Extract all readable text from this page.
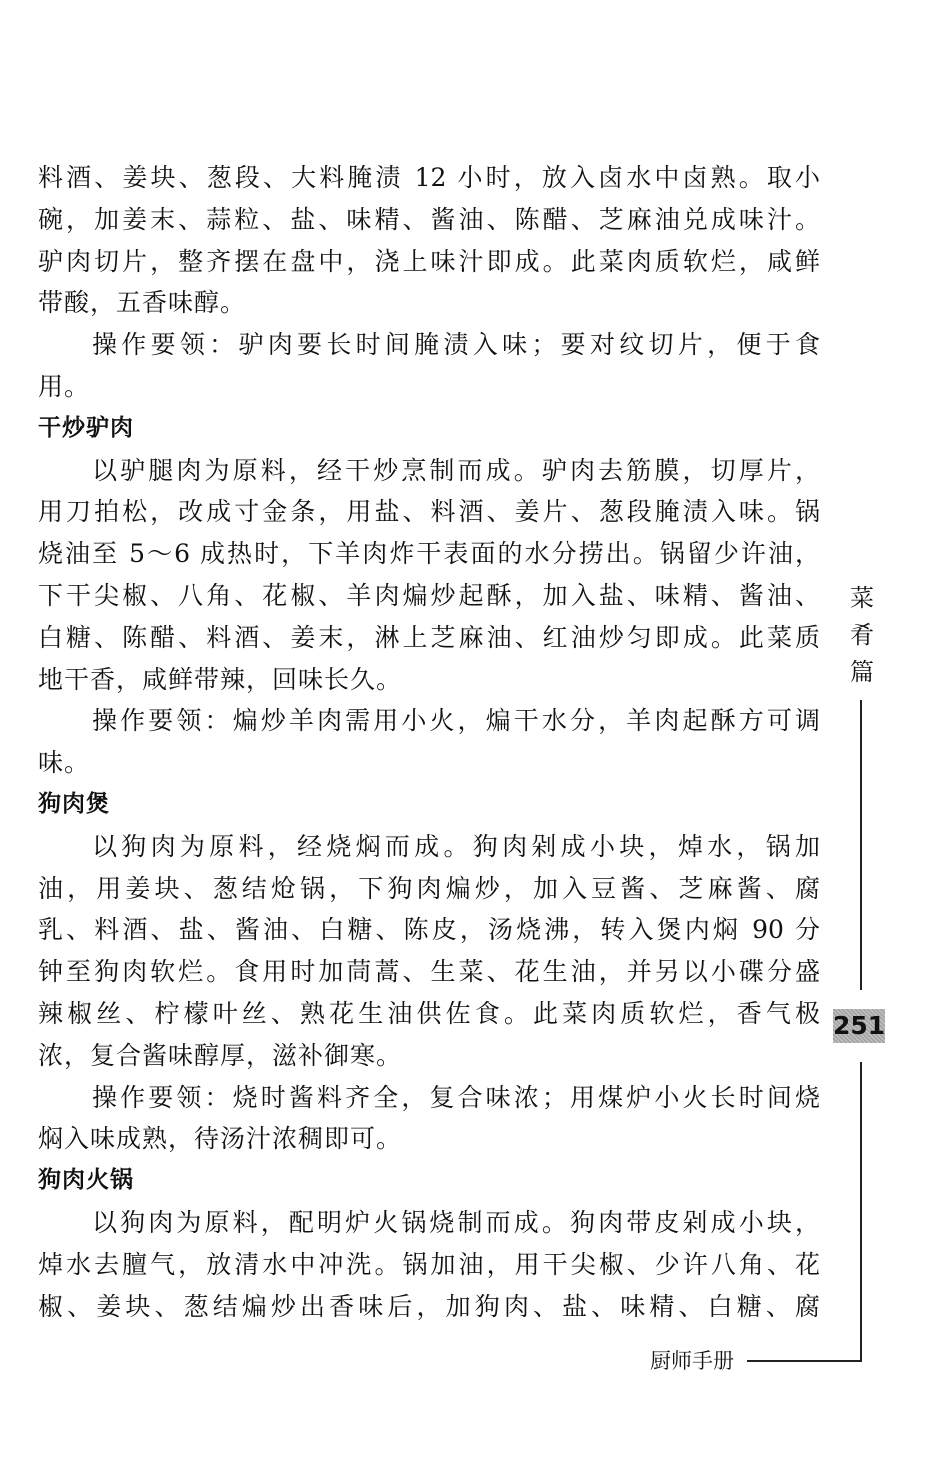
料酒、姜块、葱段、大料腌渍 12 小时，放入卤水中卤熟。取小
碗，加姜末、蒜粒、盐、味精、酱油、陈醋、芝麻油兑成味汁。
驴肉切片，整齐摆在盘中，浇上味汁即成。此菜肉质软烂，咸鲜
带酸，五香味醇。
操作要领：驴肉要长时间腌渍入味；要对纹切片，便于食
用。
干炒驴肉
以驴腿肉为原料，经干炒烹制而成。驴肉去筋膜，切厚片，
用刀拍松，改成寸金条，用盐、料酒、姜片、葱段腌渍入味。锅
烧油至 5～6 成热时，下羊肉炸干表面的水分捞出。锅留少许油，
下干尖椒、八角、花椒、羊肉煸炒起酥，加入盐、味精、酱油、
白糖、陈醋、料酒、姜末，淋上芝麻油、红油炒匀即成。此菜质
地干香，咸鲜带辣，回味长久。
操作要领：煸炒羊肉需用小火，煸干水分，羊肉起酥方可调
味。
狗肉煲
以狗肉为原料，经烧焖而成。狗肉剁成小块，焯水，锅加
油，用姜块、葱结炝锅，下狗肉煸炒，加入豆酱、芝麻酱、腐
乳、料酒、盐、酱油、白糖、陈皮，汤烧沸，转入煲内焖 90 分
钟至狗肉软烂。食用时加茼蒿、生菜、花生油，并另以小碟分盛
辣椒丝、柠檬叶丝、熟花生油供佐食。此菜肉质软烂，香气极
浓，复合酱味醇厚，滋补御寒。
操作要领：烧时酱料齐全，复合味浓；用煤炉小火长时间烧
焖入味成熟，待汤汁浓稠即可。
狗肉火锅
以狗肉为原料，配明炉火锅烧制而成。狗肉带皮剁成小块，
焯水去膻气，放清水中冲洗。锅加油，用干尖椒、少许八角、花
椒、姜块、葱结煸炒出香味后，加狗肉、盐、味精、白糖、腐
菜肴篇
251
厨师手册
